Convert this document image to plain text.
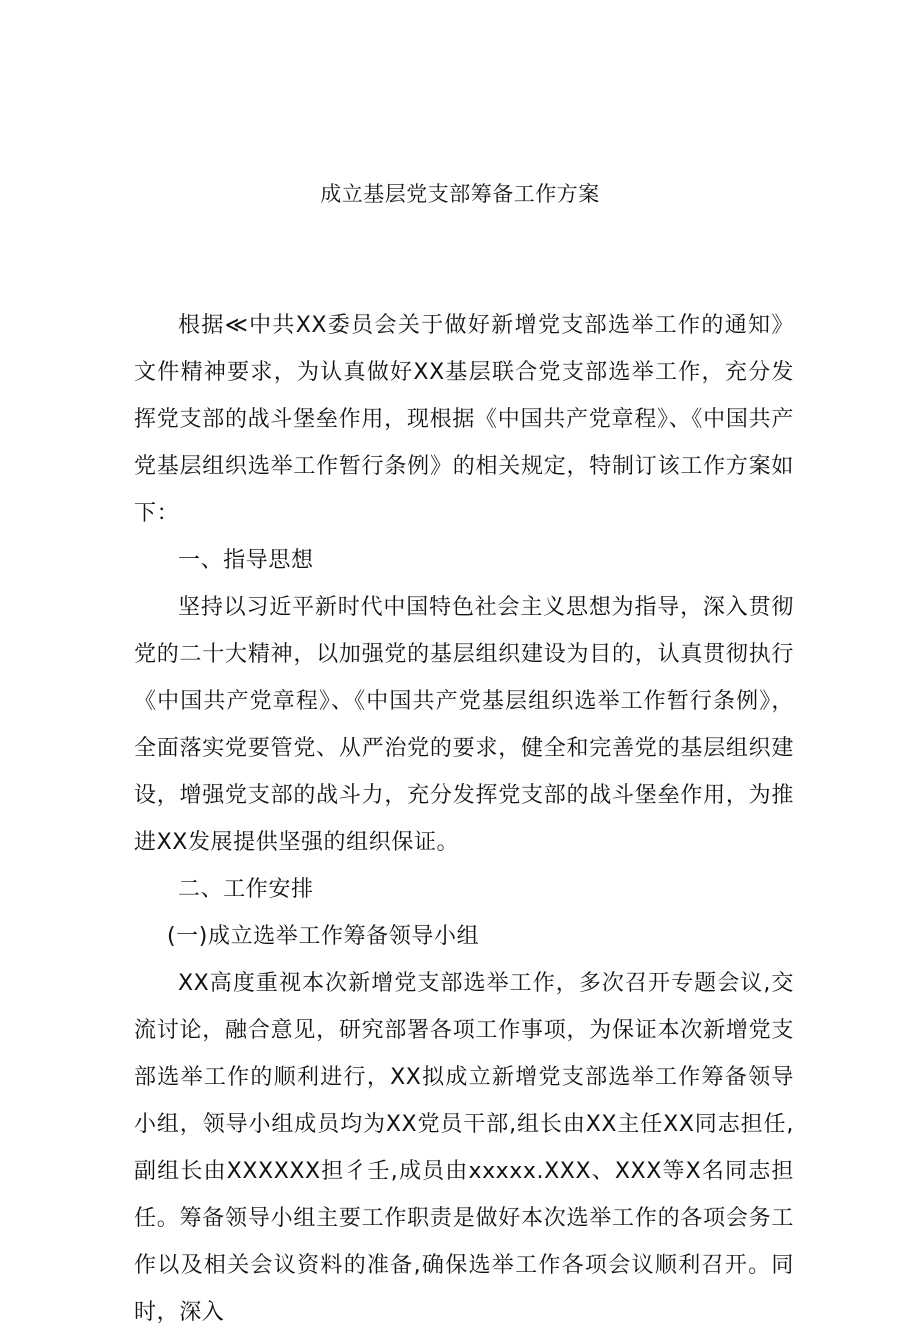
成立基层党支部筹备工作方案

根据≪中共XX委员会关于做好新增党支部选举工作的通知》文件精神要求，为认真做好XX基层联合党支部选举工作，充分发挥党支部的战斗堡垒作用，现根据《中国共产党章程》、《中国共产党基层组织选举工作暂行条例》的相关规定，特制订该工作方案如下：

一、指导思想

坚持以习近平新时代中国特色社会主义思想为指导，深入贯彻党的二十大精神，以加强党的基层组织建设为目的，认真贯彻执行《中国共产党章程》、《中国共产党基层组织选举工作暂行条例》，全面落实党要管党、从严治党的要求，健全和完善党的基层组织建设，增强党支部的战斗力，充分发挥党支部的战斗堡垒作用，为推进XX发展提供坚强的组织保证。

二、工作安排

(一)成立选举工作筹备领导小组

XX高度重视本次新增党支部选举工作，多次召开专题会议,交流讨论，融合意见，研究部署各项工作事项，为保证本次新增党支部选举工作的顺利进行，XX拟成立新增党支部选举工作筹备领导小组，领导小组成员均为XX党员干部,组长由XX主任XX同志担任,副组长由XXXXXX担彳壬,成员由xxxxx.XXX、XXX等X名同志担任。筹备领导小组主要工作职责是做好本次选举工作的各项会务工作以及相关会议资料的准备,确保选举工作各项会议顺利召开。同时，深入
